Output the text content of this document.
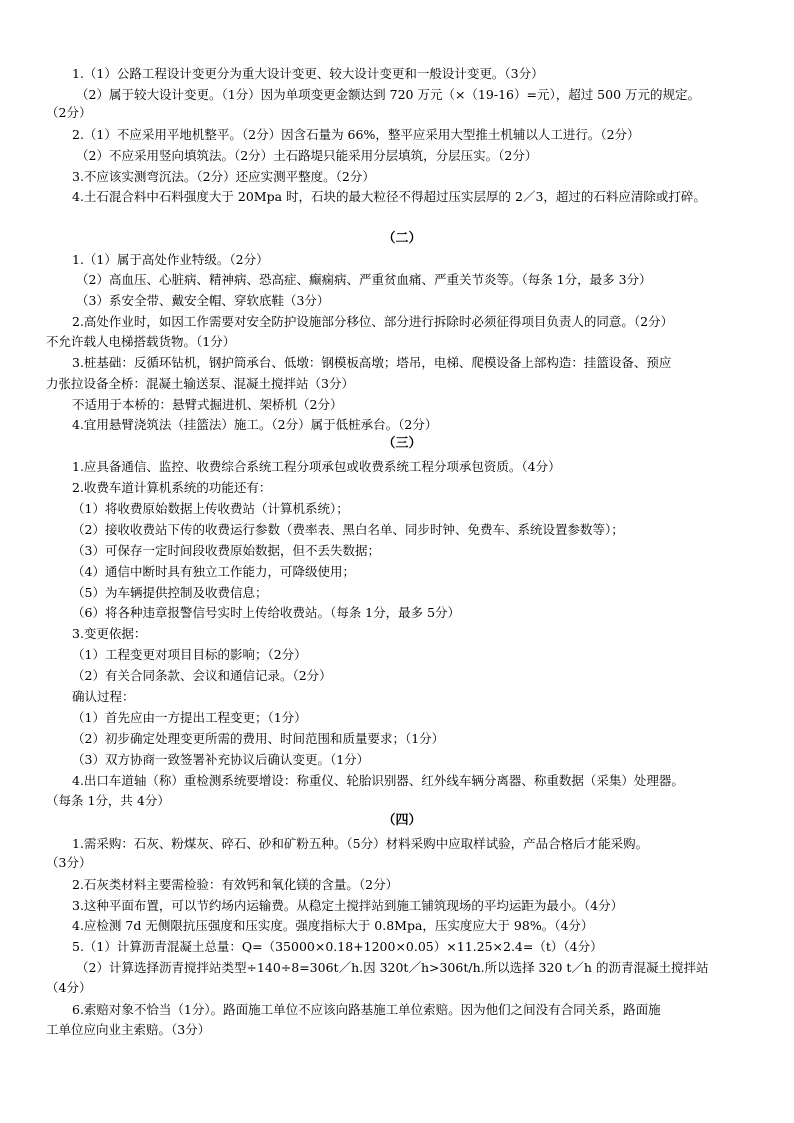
1.（1）公路工程设计变更分为重大设计变更、较大设计变更和一般设计变更。（3分）
（2）属于较大设计变更。（1分）因为单项变更金额达到 720 万元（×（19-16）=元），超过 500 万元的规定。
（2分）
2.（1）不应采用平地机整平。（2分）因含石量为 66%，整平应采用大型推土机辅以人工进行。（2分）
（2）不应采用竖向填筑法。（2分）土石路堤只能采用分层填筑，分层压实。（2分）
3.不应该实测弯沉法。（2分）还应实测平整度。（2分）
4.土石混合料中石料强度大于 20Mpa 时，石块的最大粒径不得超过压实层厚的 2／3，超过的石料应清除或打碎。
（二）
1.（1）属于高处作业特级。（2分）
（2）高血压、心脏病、精神病、恐高症、癫痫病、严重贫血痛、严重关节炎等。（每条 1分，最多 3分）
（3）系安全带、戴安全帽、穿软底鞋（3分）
2.高处作业时，如因工作需要对安全防护设施部分移位、部分进行拆除时必须征得项目负责人的同意。（2分）
不允许载人电梯搭载货物。（1分）
3.桩基础：反循环钻机，钢护筒承台、低墩：钢模板高墩；塔吊，电梯、爬模设备上部构造：挂篮设备、预应
力张拉设备全桥：混凝土输送泵、混凝土搅拌站（3分）
不适用于本桥的：悬臂式掘进机、架桥机（2分）
4.宜用悬臂浇筑法（挂篮法）施工。（2分）属于低桩承台。（2分）
（三）
1.应具备通信、监控、收费综合系统工程分项承包或收费系统工程分项承包资质。（4分）
2.收费车道计算机系统的功能还有：
（1）将收费原始数据上传收费站（计算机系统）；
（2）接收收费站下传的收费运行参数（费率表、黑白名单、同步时钟、免费车、系统设置参数等）；
（3）可保存一定时间段收费原始数据，但不丢失数据；
（4）通信中断时具有独立工作能力，可降级使用；
（5）为车辆提供控制及收费信息；
（6）将各种违章报警信号实时上传给收费站。（每条 1分，最多 5分）
3.变更依据：
（1）工程变更对项目目标的影响；（2分）
（2）有关合同条款、会议和通信记录。（2分）
确认过程：
（1）首先应由一方提出工程变更；（1分）
（2）初步确定处理变更所需的费用、时间范围和质量要求；（1分）
（3）双方协商一致签署补充协议后确认变更。（1分）
4.出口车道轴（称）重检测系统要增设：称重仪、轮胎识别器、红外线车辆分离器、称重数据（采集）处理器。
（每条 1分，共 4分）
（四）
1.需采购：石灰、粉煤灰、碎石、砂和矿粉五种。（5分）材料采购中应取样试验，产品合格后才能采购。
（3分）
2.石灰类材料主要需检验：有效钙和氧化镁的含量。（2分）
3.这种平面布置，可以节约场内运输费。从稳定土搅拌站到施工铺筑现场的平均运距为最小。（4分）
4.应检测 7d 无侧限抗压强度和压实度。强度指标大于 0.8Mpa，压实度应大于 98%。（4分）
5.（1）计算沥青混凝土总量：Q=（35000×0.18+1200×0.05）×11.25×2.4=（t）（4分）
（2）计算选择沥青搅拌站类型÷140÷8=306t／h.因 320t／h>306t/h.所以选择 320 t／h 的沥青混凝土搅拌站
（4分）
6.索赔对象不恰当（1分）。路面施工单位不应该向路基施工单位索赔。因为他们之间没有合同关系，路面施
工单位应向业主索赔。（3分）
